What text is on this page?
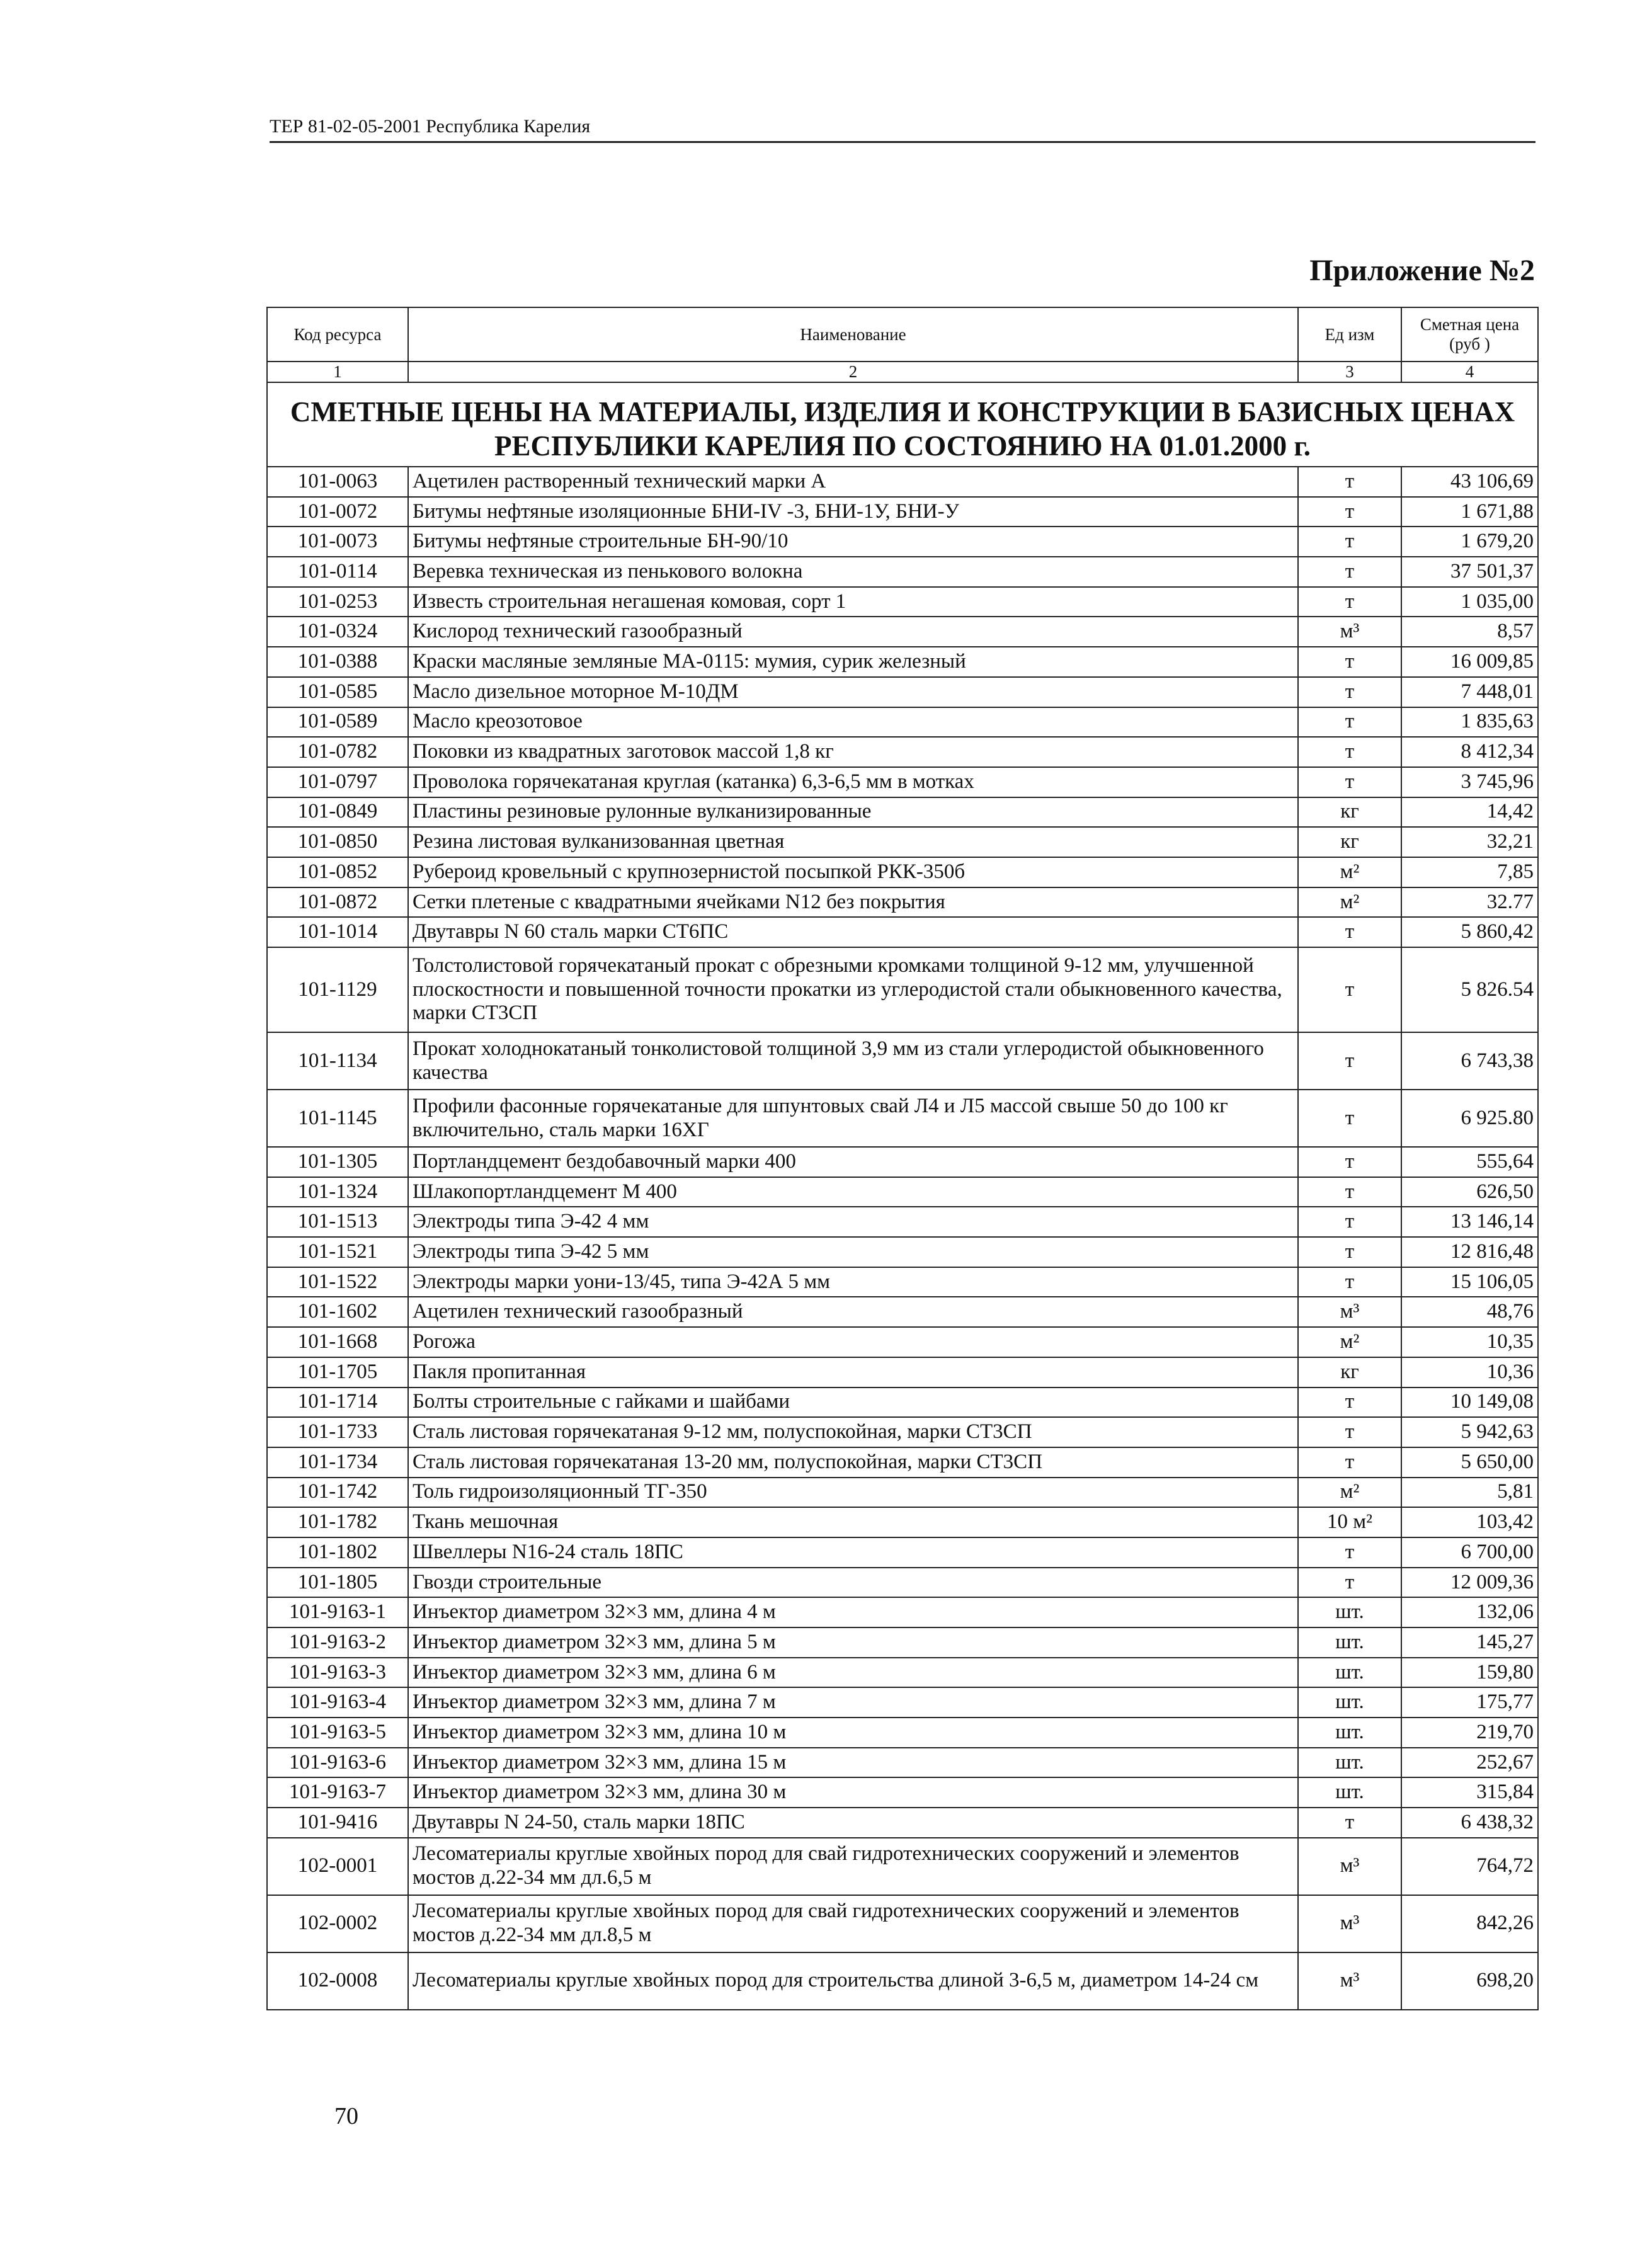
ТЕР 81-02-05-2001 Республика Карелия
Приложение №2
Код ресурса	Наименование	Ед изм	Сметная цена (руб )
1	2	3	4
СМЕТНЫЕ ЦЕНЫ НА МАТЕРИАЛЫ, ИЗДЕЛИЯ И КОНСТРУКЦИИ В БАЗИСНЫХ ЦЕНАХ РЕСПУБЛИКИ КАРЕЛИЯ ПО СОСТОЯНИЮ НА 01.01.2000 г.			
101-0063	Ацетилен растворенный технический марки А	т	43 106,69
101-0072	Битумы нефтяные изоляционные БНИ-IV -3, БНИ-1У, БНИ-У	т	1 671,88
101-0073	Битумы нефтяные строительные БН-90/10	т	1 679,20
101-0114	Веревка техническая из пенькового волокна	т	37 501,37
101-0253	Известь строительная негашеная комовая, сорт 1	т	1 035,00
101-0324	Кислород технический газообразный	м³	8,57
101-0388	Краски масляные земляные МА-0115: мумия, сурик железный	т	16 009,85
101-0585	Масло дизельное моторное М-10ДМ	т	7 448,01
101-0589	Масло креозотовое	т	1 835,63
101-0782	Поковки из квадратных заготовок массой 1,8 кг	т	8 412,34
101-0797	Проволока горячекатаная круглая (катанка) 6,3-6,5 мм в мотках	т	3 745,96
101-0849	Пластины резиновые рулонные вулканизированные	кг	14,42
101-0850	Резина листовая вулканизованная цветная	кг	32,21
101-0852	Рубероид кровельный с крупнозернистой посыпкой РКК-350б	м²	7,85
101-0872	Сетки плетеные с квадратными ячейками N12 без покрытия	м²	32.77
101-1014	Двутавры N 60 сталь марки СТ6ПС	т	5 860,42
101-1129	Толстолистовой горячекатаный прокат с обрезными кромками толщиной 9-12 мм, улучшенной плоскостности и повышенной точности прокатки из углеродистой стали обыкновенного качества, марки СТ3СП	т	5 826.54
101-1134	Прокат холоднокатаный тонколистовой толщиной 3,9 мм из стали углеродистой обыкновенного качества	т	6 743,38
101-1145	Профили фасонные горячекатаные для шпунтовых свай Л4 и Л5 массой свыше 50 до 100 кг включительно, сталь марки 16ХГ	т	6 925.80
101-1305	Портландцемент бездобавочный марки 400	т	555,64
101-1324	Шлакопортландцемент М 400	т	626,50
101-1513	Электроды типа Э-42 4 мм	т	13 146,14
101-1521	Электроды типа Э-42 5 мм	т	12 816,48
101-1522	Электроды марки уони-13/45, типа Э-42А 5 мм	т	15 106,05
101-1602	Ацетилен технический газообразный	м³	48,76
101-1668	Рогожа	м²	10,35
101-1705	Пакля пропитанная	кг	10,36
101-1714	Болты строительные с гайками и шайбами	т	10 149,08
101-1733	Сталь листовая горячекатаная 9-12 мм, полуспокойная, марки СТ3СП	т	5 942,63
101-1734	Сталь листовая горячекатаная 13-20 мм, полуспокойная, марки СТ3СП	т	5 650,00
101-1742	Толь гидроизоляционный ТГ-350	м²	5,81
101-1782	Ткань мешочная	10 м²	103,42
101-1802	Швеллеры N16-24 сталь 18ПС	т	6 700,00
101-1805	Гвозди строительные	т	12 009,36
101-9163-1	Инъектор диаметром 32×3 мм, длина 4 м	шт.	132,06
101-9163-2	Инъектор диаметром 32×3 мм, длина 5 м	шт.	145,27
101-9163-3	Инъектор диаметром 32×3 мм, длина 6 м	шт.	159,80
101-9163-4	Инъектор диаметром 32×3 мм, длина 7 м	шт.	175,77
101-9163-5	Инъектор диаметром 32×3 мм, длина 10 м	шт.	219,70
101-9163-6	Инъектор диаметром 32×3 мм, длина 15 м	шт.	252,67
101-9163-7	Инъектор диаметром 32×3 мм, длина 30 м	шт.	315,84
101-9416	Двутавры N 24-50, сталь марки 18ПС	т	6 438,32
102-0001	Лесоматериалы круглые хвойных пород для свай гидротехнических сооружений и элементов мостов д.22-34 мм дл.6,5 м	м³	764,72
102-0002	Лесоматериалы круглые хвойных пород для свай гидротехнических сооружений и элементов мостов д.22-34 мм дл.8,5 м	м³	842,26
102-0008	Лесоматериалы круглые хвойных пород для строительства длиной 3-6,5 м, диаметром 14-24 см	м³	698,20
70
